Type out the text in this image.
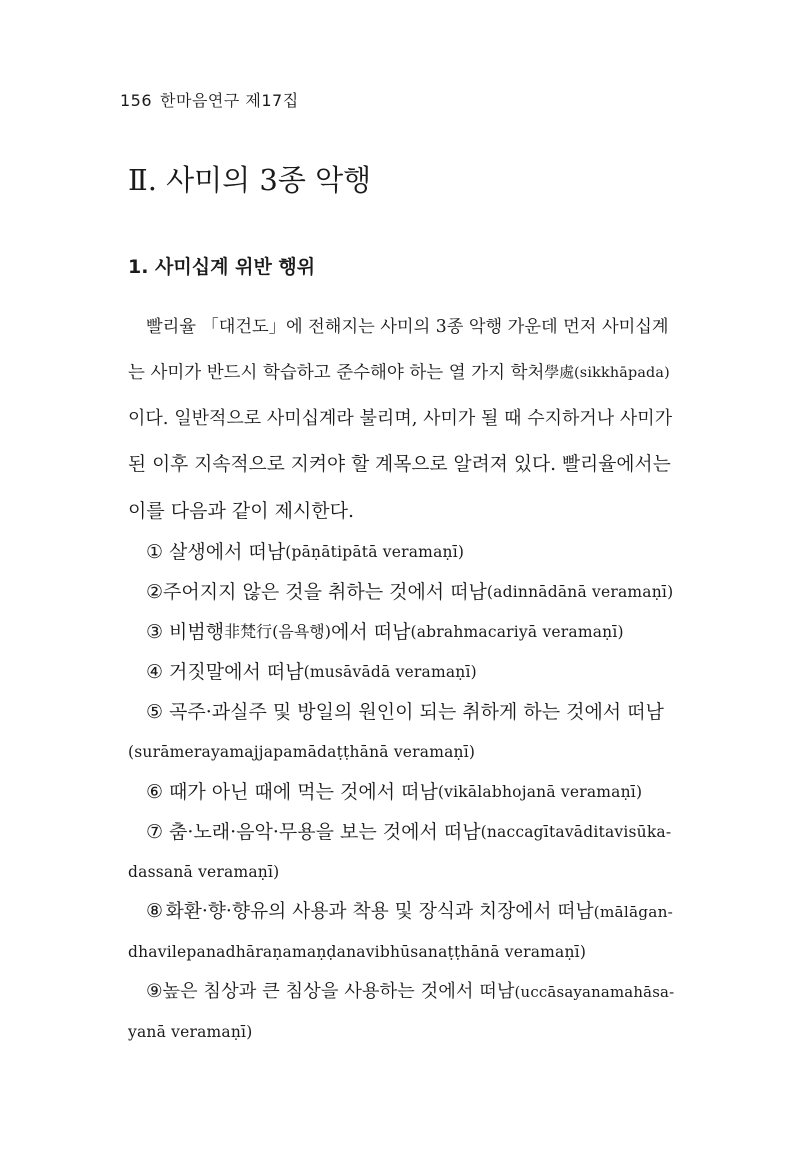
156 한마음연구 제17집
Ⅱ. 사미의 3종 악행
1. 사미십계 위반 행위
빨리율 「대건도」에 전해지는 사미의 3종 악행 가운데 먼저 사미십계
는 사미가 반드시 학습하고 준수해야 하는 열 가지 학처 學處 (sikkhāpada)
이다. 일반적으로 사미십계라 불리며, 사미가 될 때 수지하거나 사미가
된 이후 지속적으로 지켜야 할 계목으로 알려져 있다. 빨리율에서는
이를 다음과 같이 제시한다.
① 살생에서 떠남 (pāṇātipātā veramaṇī)
② 주어지지 않은 것을 취하는 것에서 떠남 (adinnādānā veramaṇī)
③ 비범행 非梵行 (음욕행) 에서 떠남 (abrahmacariyā veramaṇī)
④ 거짓말에서 떠남 (musāvādā veramaṇī)
⑤ 곡주·과실주 및 방일의 원인이 되는 취하게 하는 것에서 떠남
(surāmerayamajjapamādaṭṭhānā veramaṇī)
⑥ 때가 아닌 때에 먹는 것에서 떠남 (vikālabhojanā veramaṇī)
⑦ 춤·노래·음악·무용을 보는 것에서 떠남 (naccagītavāditavisūka-
dassanā veramaṇī)
⑧ 화환·향·향유의 사용과 착용 및 장식과 치장에서 떠남 (mālāgan-
dhavilepanadhāraṇamaṇḍanavibhūsanaṭṭhānā veramaṇī)
⑨ 높은 침상과 큰 침상을 사용하는 것에서 떠남 (uccāsayanamahāsa-
yanā veramaṇī)
